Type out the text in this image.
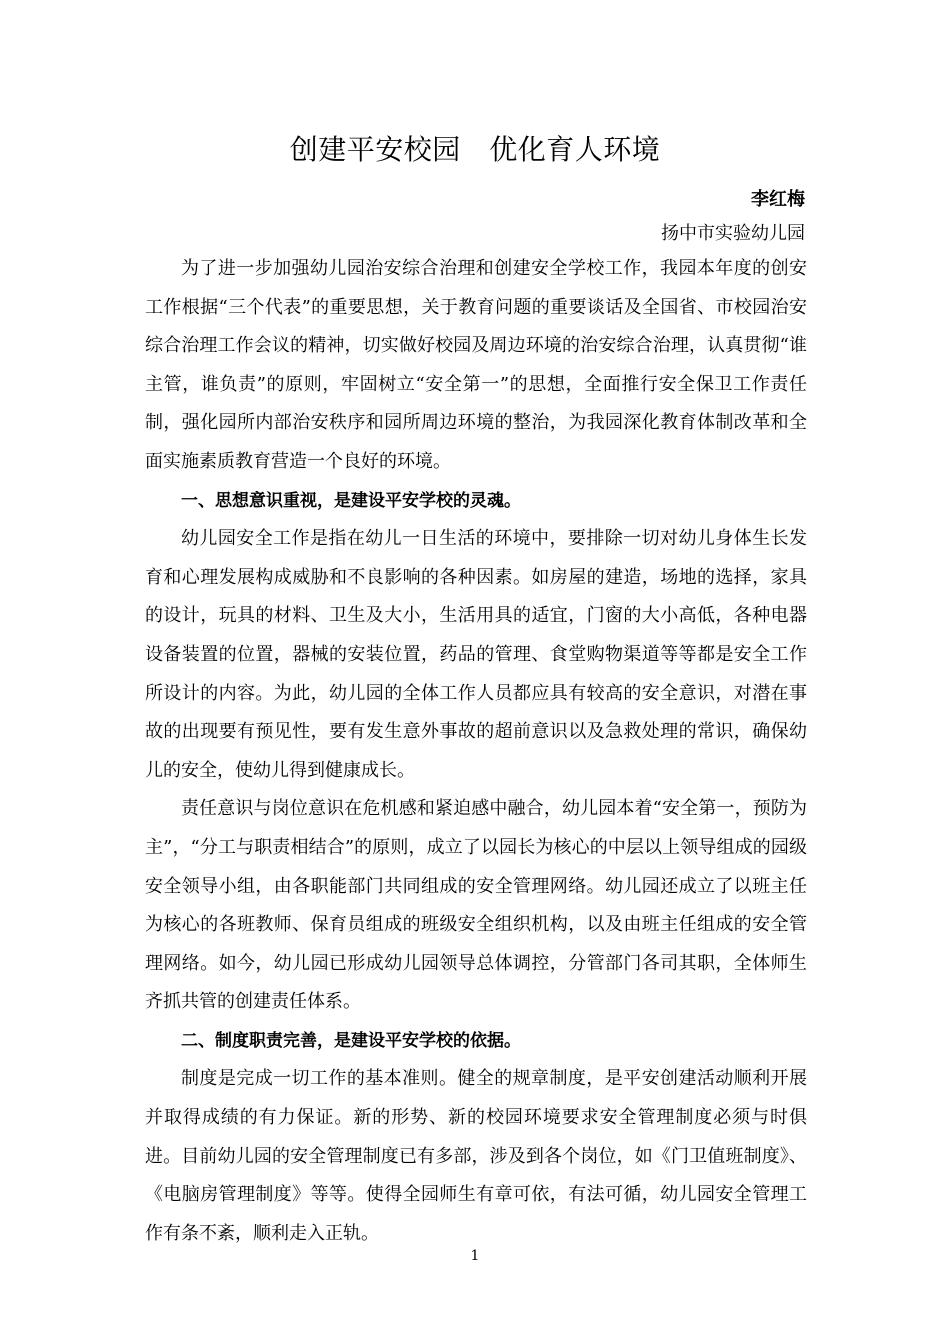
创建平安校园　优化育人环境
李红梅
扬中市实验幼儿园

为了进一步加强幼儿园治安综合治理和创建安全学校工作，我园本年度的创安工作根据“三个代表”的重要思想，关于教育问题的重要谈话及全国省、市校园治安综合治理工作会议的精神，切实做好校园及周边环境的治安综合治理，认真贯彻“谁主管，谁负责”的原则，牢固树立“安全第一”的思想，全面推行安全保卫工作责任制，强化园所内部治安秩序和园所周边环境的整治，为我园深化教育体制改革和全面实施素质教育营造一个良好的环境。

一、思想意识重视，是建设平安学校的灵魂。

幼儿园安全工作是指在幼儿一日生活的环境中，要排除一切对幼儿身体生长发育和心理发展构成威胁和不良影响的各种因素。如房屋的建造，场地的选择，家具的设计，玩具的材料、卫生及大小，生活用具的适宜，门窗的大小高低，各种电器设备装置的位置，器械的安装位置，药品的管理、食堂购物渠道等等都是安全工作所设计的内容。为此，幼儿园的全体工作人员都应具有较高的安全意识，对潜在事故的出现要有预见性，要有发生意外事故的超前意识以及急救处理的常识，确保幼儿的安全，使幼儿得到健康成长。

责任意识与岗位意识在危机感和紧迫感中融合，幼儿园本着“安全第一，预防为主”，“分工与职责相结合”的原则，成立了以园长为核心的中层以上领导组成的园级安全领导小组，由各职能部门共同组成的安全管理网络。幼儿园还成立了以班主任为核心的各班教师、保育员组成的班级安全组织机构，以及由班主任组成的安全管理网络。如今，幼儿园已形成幼儿园领导总体调控，分管部门各司其职，全体师生齐抓共管的创建责任体系。

二、制度职责完善，是建设平安学校的依据。

制度是完成一切工作的基本准则。健全的规章制度，是平安创建活动顺利开展并取得成绩的有力保证。新的形势、新的校园环境要求安全管理制度必须与时俱进。目前幼儿园的安全管理制度已有多部，涉及到各个岗位，如《门卫值班制度》、《电脑房管理制度》等等。使得全园师生有章可依，有法可循，幼儿园安全管理工作有条不紊，顺利走入正轨。

1
